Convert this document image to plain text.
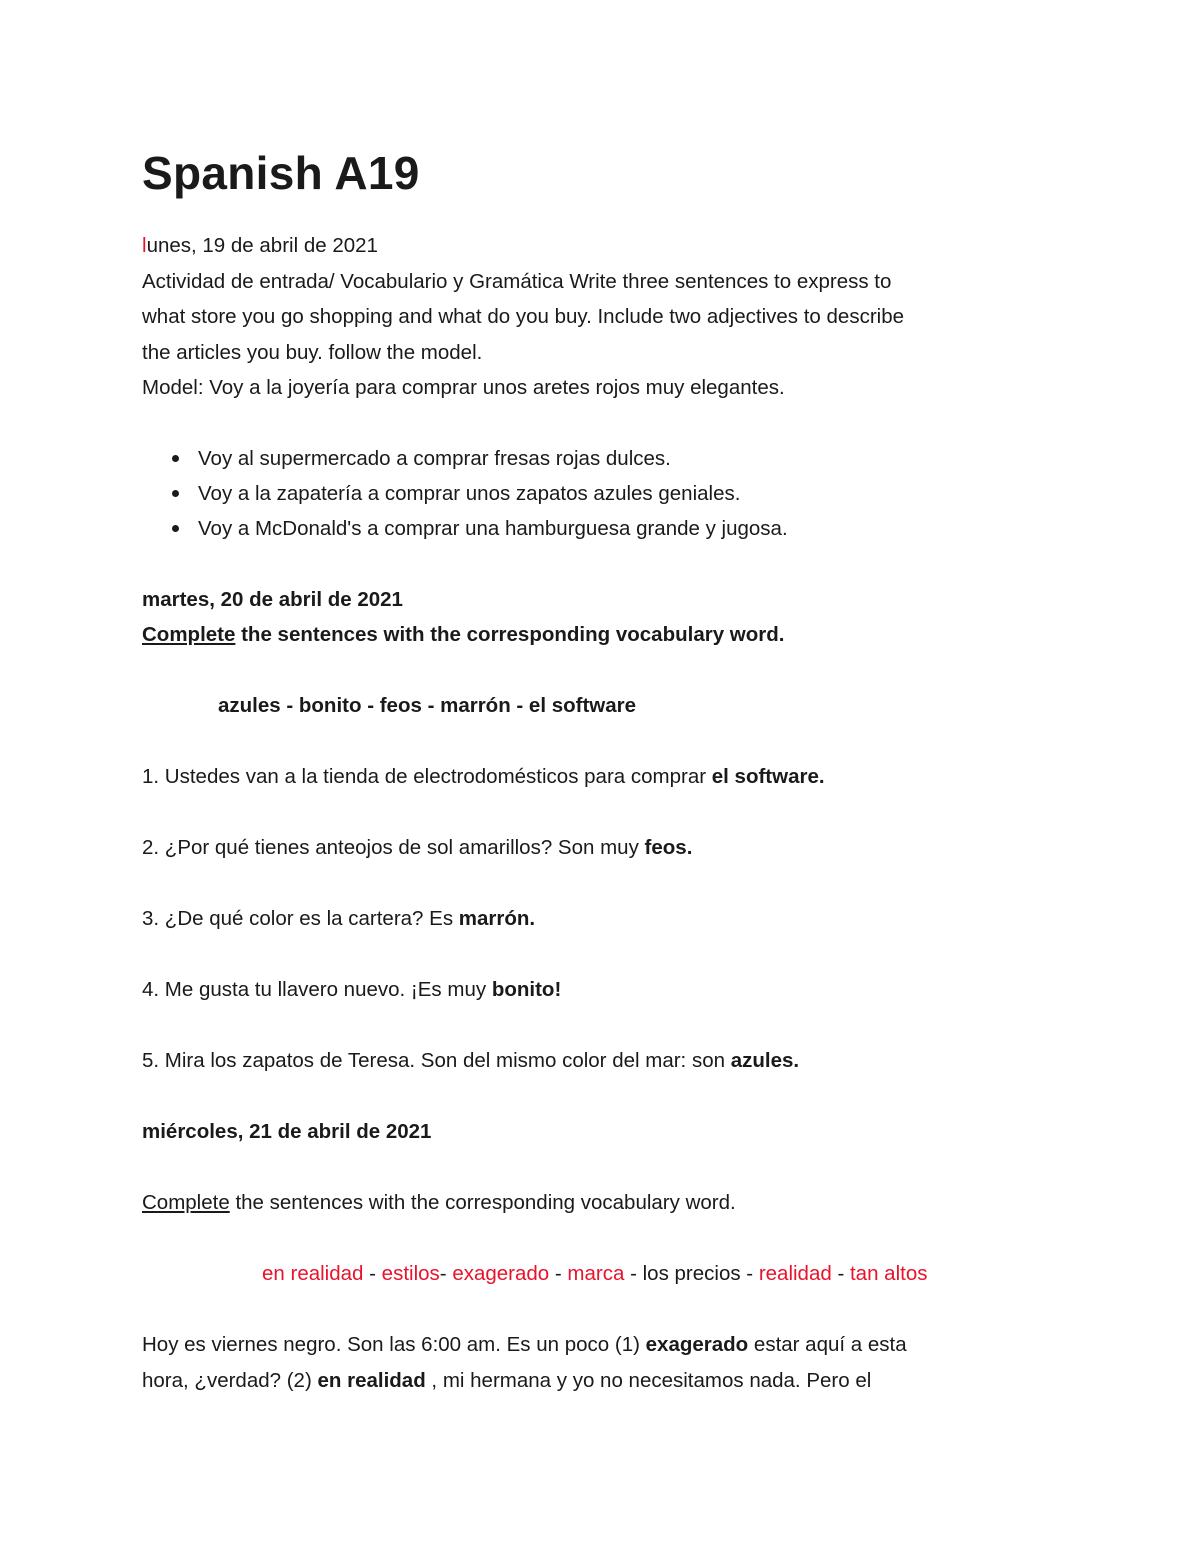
Spanish A19
lunes, 19 de abril de 2021
Actividad de entrada/ Vocabulario y Gramática Write three sentences to express to
what store you go shopping and what do you buy. Include two adjectives to describe
the articles you buy. follow the model.
Model: Voy a la joyería para comprar unos aretes rojos muy elegantes.
Voy al supermercado a comprar fresas rojas dulces.
Voy a la zapatería a comprar unos zapatos azules geniales.
Voy a McDonald's a comprar una hamburguesa grande y jugosa.
martes, 20 de abril de 2021
Complete the sentences with the corresponding vocabulary word.
azules - bonito - feos - marrón - el software
1. Ustedes van a la tienda de electrodomésticos para comprar el software.
2. ¿Por qué tienes anteojos de sol amarillos? Son muy feos.
3. ¿De qué color es la cartera? Es marrón.
4. Me gusta tu llavero nuevo. ¡Es muy bonito!
5. Mira los zapatos de Teresa. Son del mismo color del mar: son azules.
miércoles, 21 de abril de 2021
Complete the sentences with the corresponding vocabulary word.
en realidad - estilos- exagerado - marca - los precios - realidad - tan altos
Hoy es viernes negro. Son las 6:00 am. Es un poco (1) exagerado estar aquí a esta
hora, ¿verdad? (2) en realidad , mi hermana y yo no necesitamos nada. Pero el
